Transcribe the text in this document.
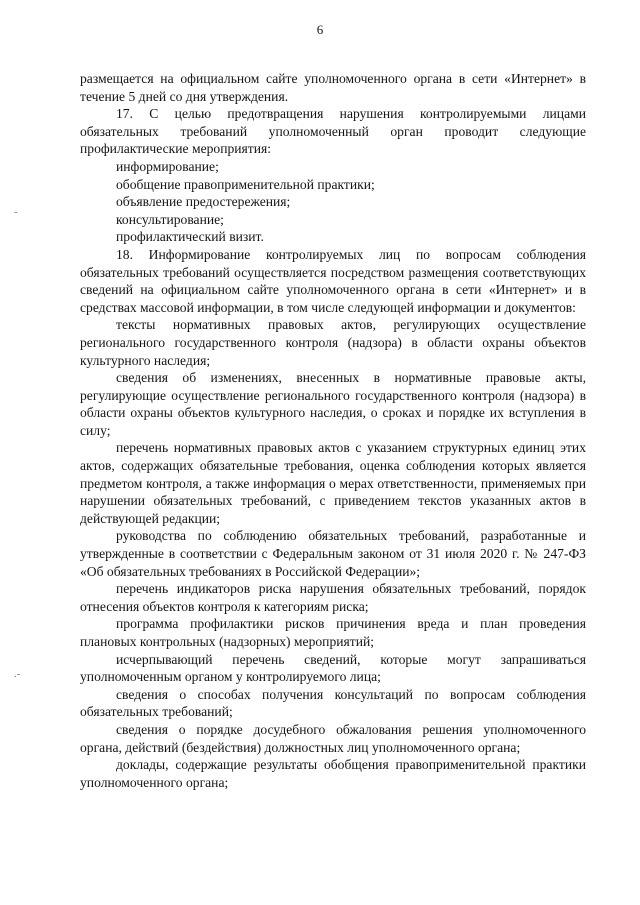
6
-
.-

размещается на официальном сайте уполномоченного органа в сети «Интернет» в течение 5 дней со дня утверждения.

17. С целью предотвращения нарушения контролируемыми лицами обязательных требований уполномоченный орган проводит следующие профилактические мероприятия:

информирование;

обобщение правоприменительной практики;

объявление предостережения;

консультирование;

профилактический визит.

18. Информирование контролируемых лиц по вопросам соблюдения обязательных требований осуществляется посредством размещения соответствующих сведений на официальном сайте уполномоченного органа в сети «Интернет» и в средствах массовой информации, в том числе следующей информации и документов:

тексты нормативных правовых актов, регулирующих осуществление регионального государственного контроля (надзора) в области охраны объектов культурного наследия;

сведения об изменениях, внесенных в нормативные правовые акты, регулирующие осуществление регионального государственного контроля (надзора) в области охраны объектов культурного наследия, о сроках и порядке их вступления в силу;

перечень нормативных правовых актов с указанием структурных единиц этих актов, содержащих обязательные требования, оценка соблюдения которых является предметом контроля, а также информация о мерах ответственности, применяемых при нарушении обязательных требований, с приведением текстов указанных актов в действующей редакции;

руководства по соблюдению обязательных требований, разработанные и утвержденные в соответствии с Федеральным законом от 31 июля 2020 г. № 247-ФЗ «Об обязательных требованиях в Российской Федерации»;

перечень индикаторов риска нарушения обязательных требований, порядок отнесения объектов контроля к категориям риска;

программа профилактики рисков причинения вреда и план проведения плановых контрольных (надзорных) мероприятий;

исчерпывающий перечень сведений, которые могут запрашиваться уполномоченным органом у контролируемого лица;

сведения о способах получения консультаций по вопросам соблюдения обязательных требований;

сведения о порядке досудебного обжалования решения уполномоченного органа, действий (бездействия) должностных лиц уполномоченного органа;

доклады, содержащие результаты обобщения правоприменительной практики уполномоченного органа;
